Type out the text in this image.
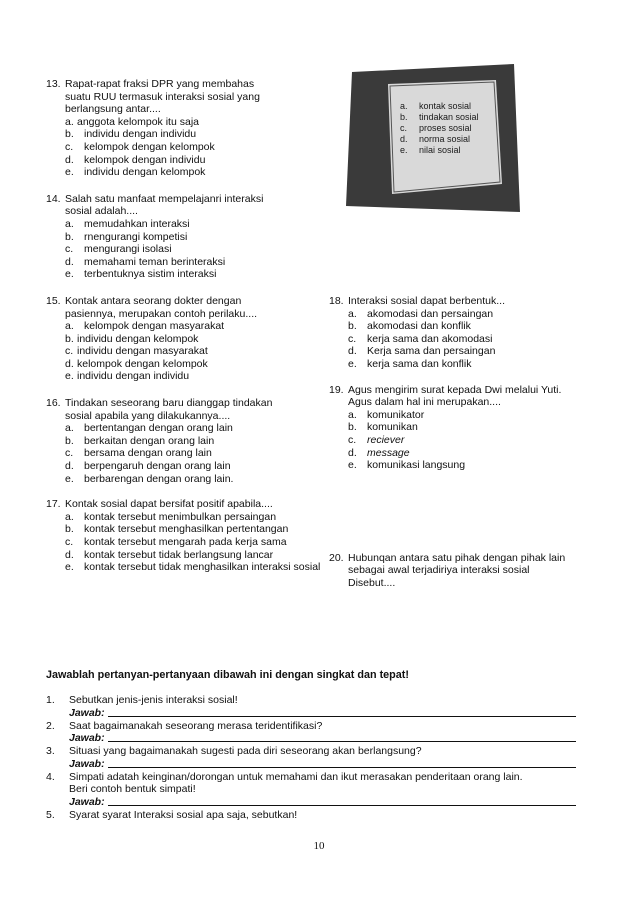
13. Rapat-rapat fraksi DPR yang membahas
suatu RUU termasuk interaksi sosial yang
berlangsung antar....
a. anggota kelompok itu saja
b. individu dengan individu
c. kelompok dengan kelompok
d. kelompok dengan individu
e. individu dengan kelompok
14. Salah satu manfaat mempelajanri interaksi
sosial adalah....
a. memudahkan interaksi
b. rnengurangi kompetisi
c. mengurangi isolasi
d. memahami teman berinteraksi
e. terbentuknya sistim interaksi
15. Kontak antara seorang dokter dengan
pasiennya, merupakan contoh perilaku....
a. kelompok dengan masyarakat
b. individu dengan kelompok
c. individu dengan masyarakat
d. kelompok dengan kelompok
e. individu dengan individu
16. Tindakan seseorang baru dianggap tindakan
sosial apabila yang dilakukannya....
a. bertentangan dengan orang lain
b. berkaitan dengan orang lain
c. bersama dengan orang lain
d. berpengaruh dengan orang lain
e. berbarengan dengan orang lain.
17. Kontak sosial dapat bersifat positif apabila....
a. kontak tersebut menimbulkan persaingan
b. kontak tersebut menghasilkan pertentangan
c. kontak tersebut mengarah pada kerja sama
d. kontak tersebut tidak berlangsung lancar
e. kontak tersebut tidak menghasilkan interaksi sosial
a.	kontak sosial
b.	tindakan sosial
c.	proses sosial
d.	norma sosial
e.	nilai sosial
18. Interaksi sosial dapat berbentuk...
a. akomodasi dan persaingan
b. akomodasi dan konflik
c. kerja sama dan akomodasi
d. Kerja sama dan persaingan
e. kerja sama dan konflik
19. Agus mengirim surat kepada Dwi melalui Yuti.
Agus dalam hal ini merupakan....
a. komunikator
b. komunikan
c. reciever
d. message
e. komunikasi langsung
20. Hubunqan antara satu pihak dengan pihak lain
sebagai awal terjadiriya interaksi sosial
Disebut....
Jawablah pertanyan-pertanyaan dibawah ini dengan singkat dan tepat!
1. Sebutkan jenis-jenis interaksi sosial!
Jawab:
2. Saat bagaimanakah seseorang merasa teridentifikasi?
Jawab:
3. Situasi yang bagaimanakah sugesti pada diri seseorang akan berlangsung?
Jawab:
4. Simpati adatah keinginan/dorongan untuk memahami dan ikut merasakan penderitaan orang lain.
Beri contoh bentuk simpati!
Jawab:
5. Syarat syarat Interaksi sosial apa saja, sebutkan!
10
